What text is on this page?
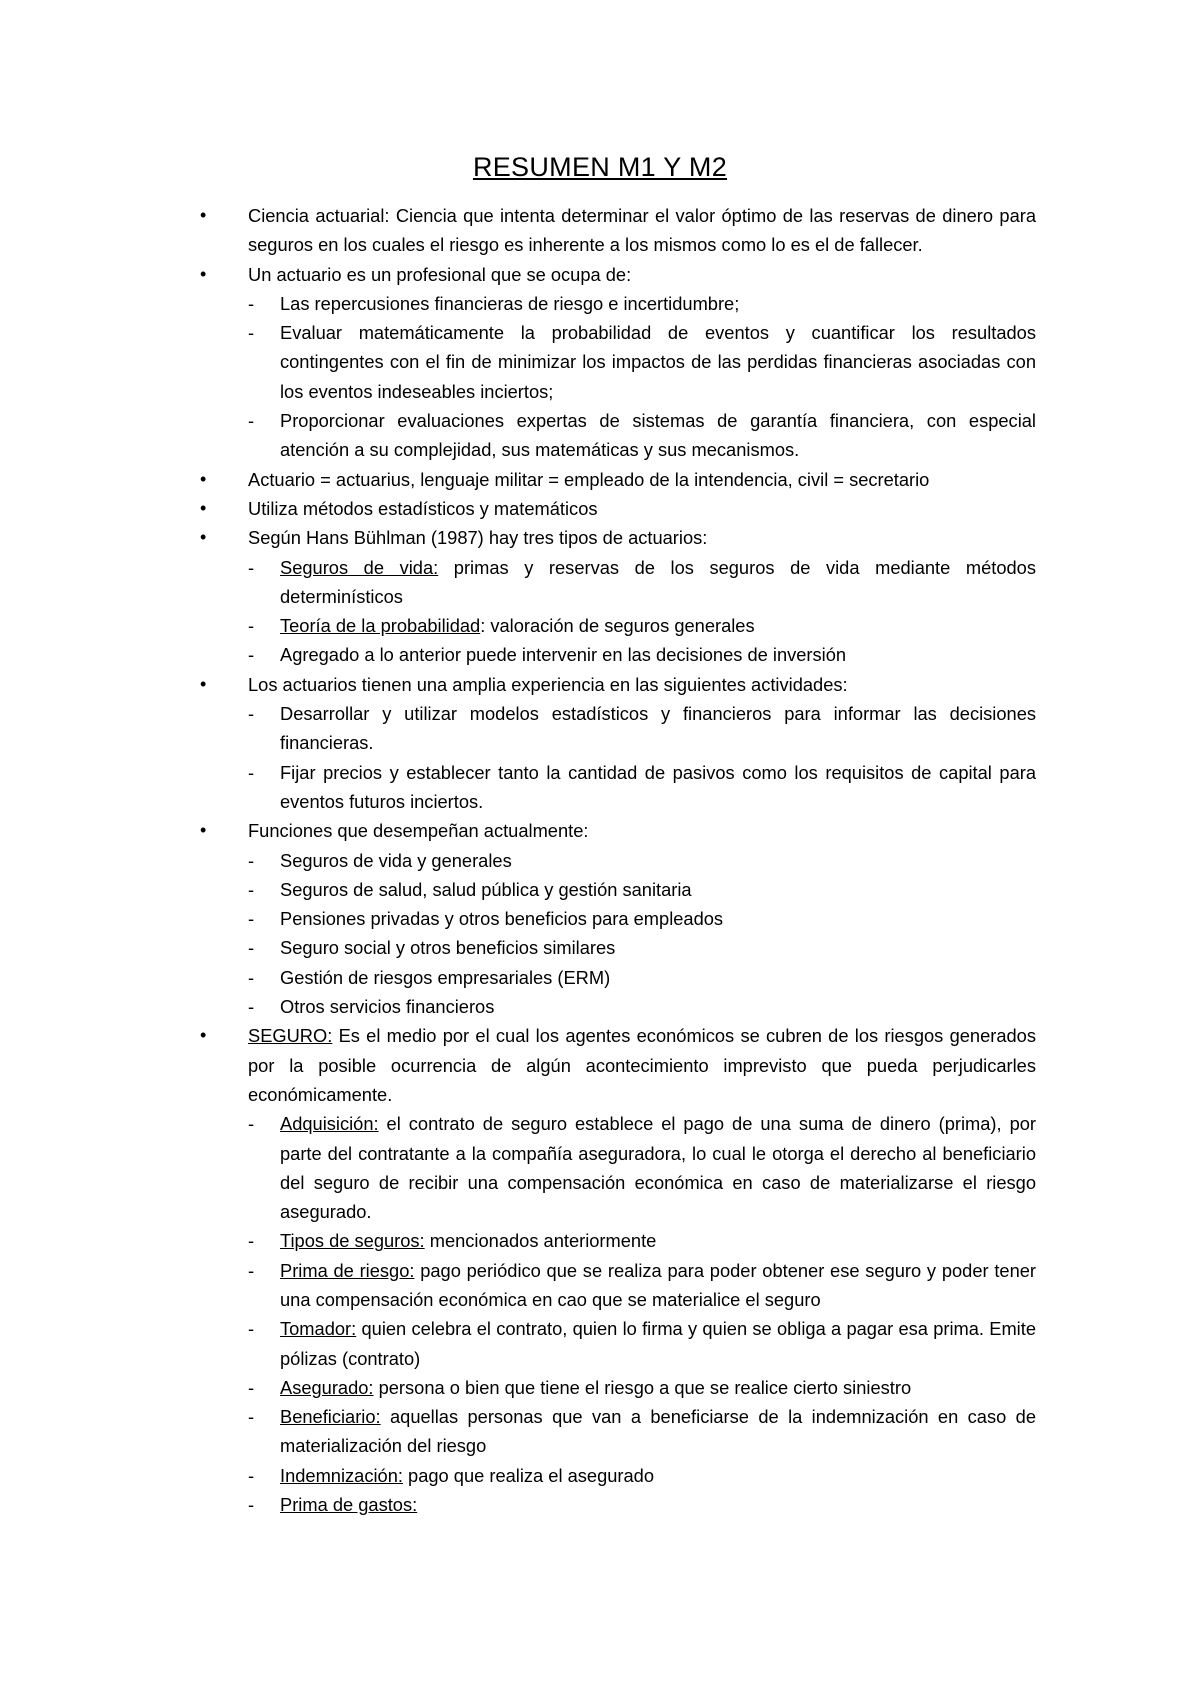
RESUMEN M1 Y M2
• Ciencia actuarial: Ciencia que intenta determinar el valor óptimo de las reservas de dinero para seguros en los cuales el riesgo es inherente a los mismos como lo es el de fallecer.
• Un actuario es un profesional que se ocupa de:
- Las repercusiones financieras de riesgo e incertidumbre;
- Evaluar matemáticamente la probabilidad de eventos y cuantificar los resultados contingentes con el fin de minimizar los impactos de las perdidas financieras asociadas con los eventos indeseables inciertos;
- Proporcionar evaluaciones expertas de sistemas de garantía financiera, con especial atención a su complejidad, sus matemáticas y sus mecanismos.
• Actuario = actuarius, lenguaje militar = empleado de la intendencia, civil = secretario
• Utiliza métodos estadísticos y matemáticos
• Según Hans Bühlman (1987) hay tres tipos de actuarios:
- Seguros de vida: primas y reservas de los seguros de vida mediante métodos determinísticos
- Teoría de la probabilidad: valoración de seguros generales
- Agregado a lo anterior puede intervenir en las decisiones de inversión
• Los actuarios tienen una amplia experiencia en las siguientes actividades:
- Desarrollar y utilizar modelos estadísticos y financieros para informar las decisiones financieras.
- Fijar precios y establecer tanto la cantidad de pasivos como los requisitos de capital para eventos futuros inciertos.
• Funciones que desempeñan actualmente:
- Seguros de vida y generales
- Seguros de salud, salud pública y gestión sanitaria
- Pensiones privadas y otros beneficios para empleados
- Seguro social y otros beneficios similares
- Gestión de riesgos empresariales (ERM)
- Otros servicios financieros
• SEGURO: Es el medio por el cual los agentes económicos se cubren de los riesgos generados por la posible ocurrencia de algún acontecimiento imprevisto que pueda perjudicarles económicamente.
- Adquisición: el contrato de seguro establece el pago de una suma de dinero (prima), por parte del contratante a la compañía aseguradora, lo cual le otorga el derecho al beneficiario del seguro de recibir una compensación económica en caso de materializarse el riesgo asegurado.
- Tipos de seguros: mencionados anteriormente
- Prima de riesgo: pago periódico que se realiza para poder obtener ese seguro y poder tener una compensación económica en cao que se materialice el seguro
- Tomador: quien celebra el contrato, quien lo firma y quien se obliga a pagar esa prima. Emite pólizas (contrato)
- Asegurado: persona o bien que tiene el riesgo a que se realice cierto siniestro
- Beneficiario: aquellas personas que van a beneficiarse de la indemnización en caso de materialización del riesgo
- Indemnización: pago que realiza el asegurado
- Prima de gastos:
